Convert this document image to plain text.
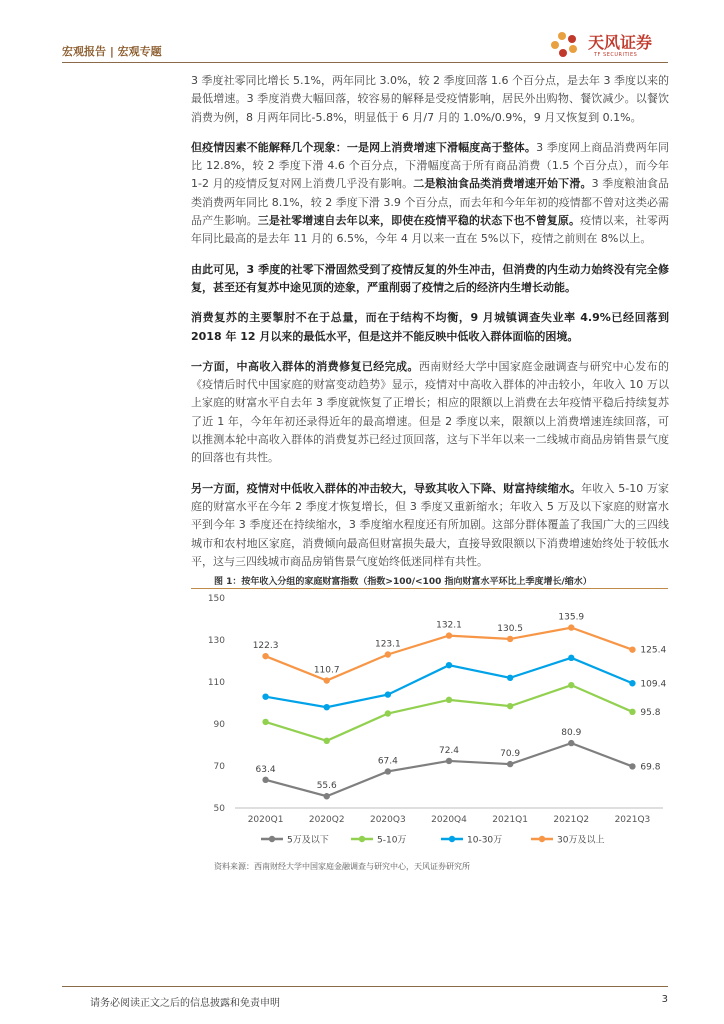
宏观报告 | 宏观专题	天风证券
TF SECURITIES

3 季度社零同比增长 5.1%，两年同比 3.0%，较 2 季度回落 1.6 个百分点，是去年 3 季度以来的最低增速。3 季度消费大幅回落，较容易的解释是受疫情影响，居民外出购物、餐饮减少。以餐饮消费为例，8 月两年同比-5.8%，明显低于 6 月/7 月的 1.0%/0.9%，9 月又恢复到 0.1%。

但疫情因素不能解释几个现象：一是网上消费增速下滑幅度高于整体。3 季度网上商品消费两年同比 12.8%，较 2 季度下滑 4.6 个百分点，下滑幅度高于所有商品消费（1.5 个百分点），而今年 1-2 月的疫情反复对网上消费几乎没有影响。二是粮油食品类消费增速开始下滑。3 季度粮油食品类消费两年同比 8.1%，较 2 季度下滑 3.9 个百分点，而去年和今年年初的疫情都不曾对这类必需品产生影响。三是社零增速自去年以来，即使在疫情平稳的状态下也不曾复原。疫情以来，社零两年同比最高的是去年 11 月的 6.5%，今年 4 月以来一直在 5%以下，疫情之前则在 8%以上。

由此可见，3 季度的社零下滑固然受到了疫情反复的外生冲击，但消费的内生动力始终没有完全修复，甚至还有复苏中途见顶的迹象，严重削弱了疫情之后的经济内生增长动能。

消费复苏的主要掣肘不在于总量，而在于结构不均衡，9 月城镇调查失业率 4.9%已经回落到 2018 年 12 月以来的最低水平，但是这并不能反映中低收入群体面临的困境。

一方面，中高收入群体的消费修复已经完成。西南财经大学中国家庭金融调查与研究中心发布的《疫情后时代中国家庭的财富变动趋势》显示，疫情对中高收入群体的冲击较小，年收入 10 万以上家庭的财富水平自去年 3 季度就恢复了正增长；相应的限额以上消费在去年疫情平稳后持续复苏了近 1 年，今年年初还录得近年的最高增速。但是 2 季度以来，限额以上消费增速连续回落，可以推测本轮中高收入群体的消费复苏已经过顶回落，这与下半年以来一二线城市商品房销售景气度的回落也有共性。

另一方面，疫情对中低收入群体的冲击较大，导致其收入下降、财富持续缩水。年收入 5-10 万家庭的财富水平在今年 2 季度才恢复增长，但 3 季度又重新缩水；年收入 5 万及以下家庭的财富水平到今年 3 季度还在持续缩水，3 季度缩水程度还有所加剧。这部分群体覆盖了我国广大的三四线城市和农村地区家庭，消费倾向最高但财富损失最大，直接导致限额以下消费增速始终处于较低水平，这与三四线城市商品房销售景气度始终低迷同样有共性。

图 1：按年收入分组的家庭财富指数（指数>100/<100 指向财富水平环比上季度增长/缩水）
50
70
90
110
130
150
2020Q1	2020Q2	2020Q3	2020Q4	2021Q1	2021Q2	2021Q3
63.4
55.6
67.4
72.4	70.9
80.9
69.8
95.8
109.4
122.3
110.7
123.1
132.1	130.5
135.9
125.4
5万及以下	5-10万	10-30万	30万及以上
资料来源：西南财经大学中国家庭金融调查与研究中心，天风证券研究所
请务必阅读正文之后的信息披露和免责申明	3
